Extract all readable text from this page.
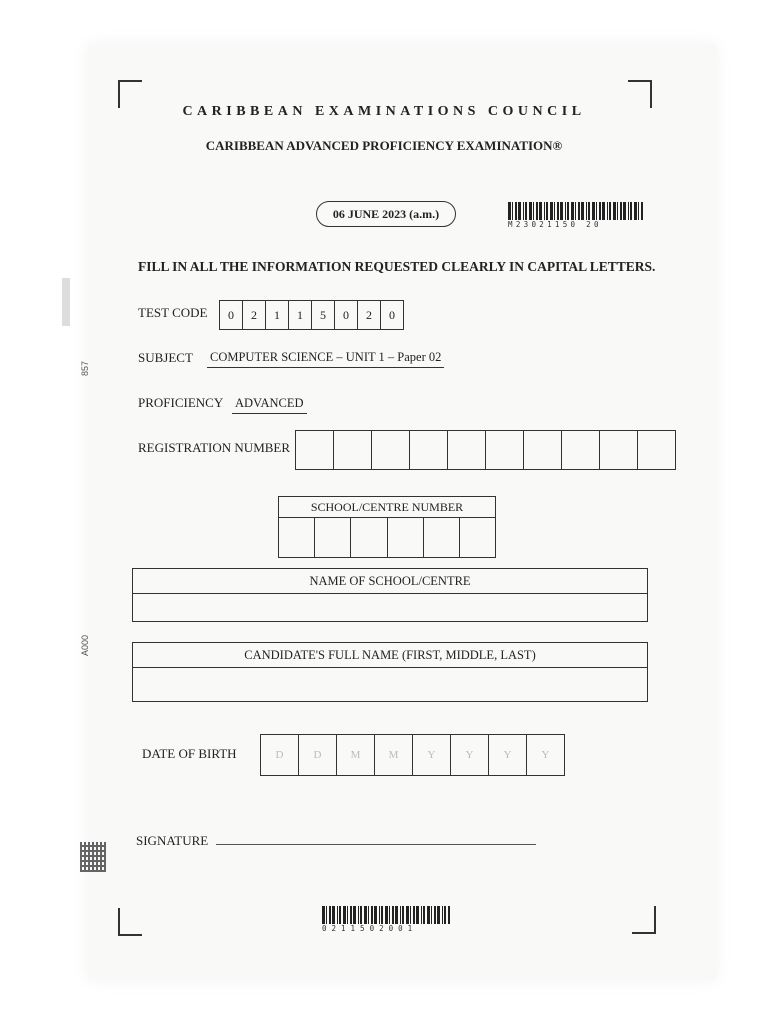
857
A000
CARIBBEAN EXAMINATIONS COUNCIL
CARIBBEAN ADVANCED PROFICIENCY EXAMINATION®
06 JUNE 2023 (a.m.)
M23021150 20
FILL IN ALL THE INFORMATION REQUESTED CLEARLY IN CAPITAL LETTERS.
TEST CODE	0	2	1	1	5	0	2	0
SUBJECT COMPUTER SCIENCE – UNIT 1 – Paper 02
PROFICIENCY ADVANCED
REGISTRATION NUMBER
SCHOOL/CENTRE NUMBER
NAME OF SCHOOL/CENTRE
CANDIDATE'S FULL NAME (FIRST, MIDDLE, LAST)
DATE OF BIRTH	D	D	M	M	Y	Y	Y	Y
SIGNATURE
0211502001
